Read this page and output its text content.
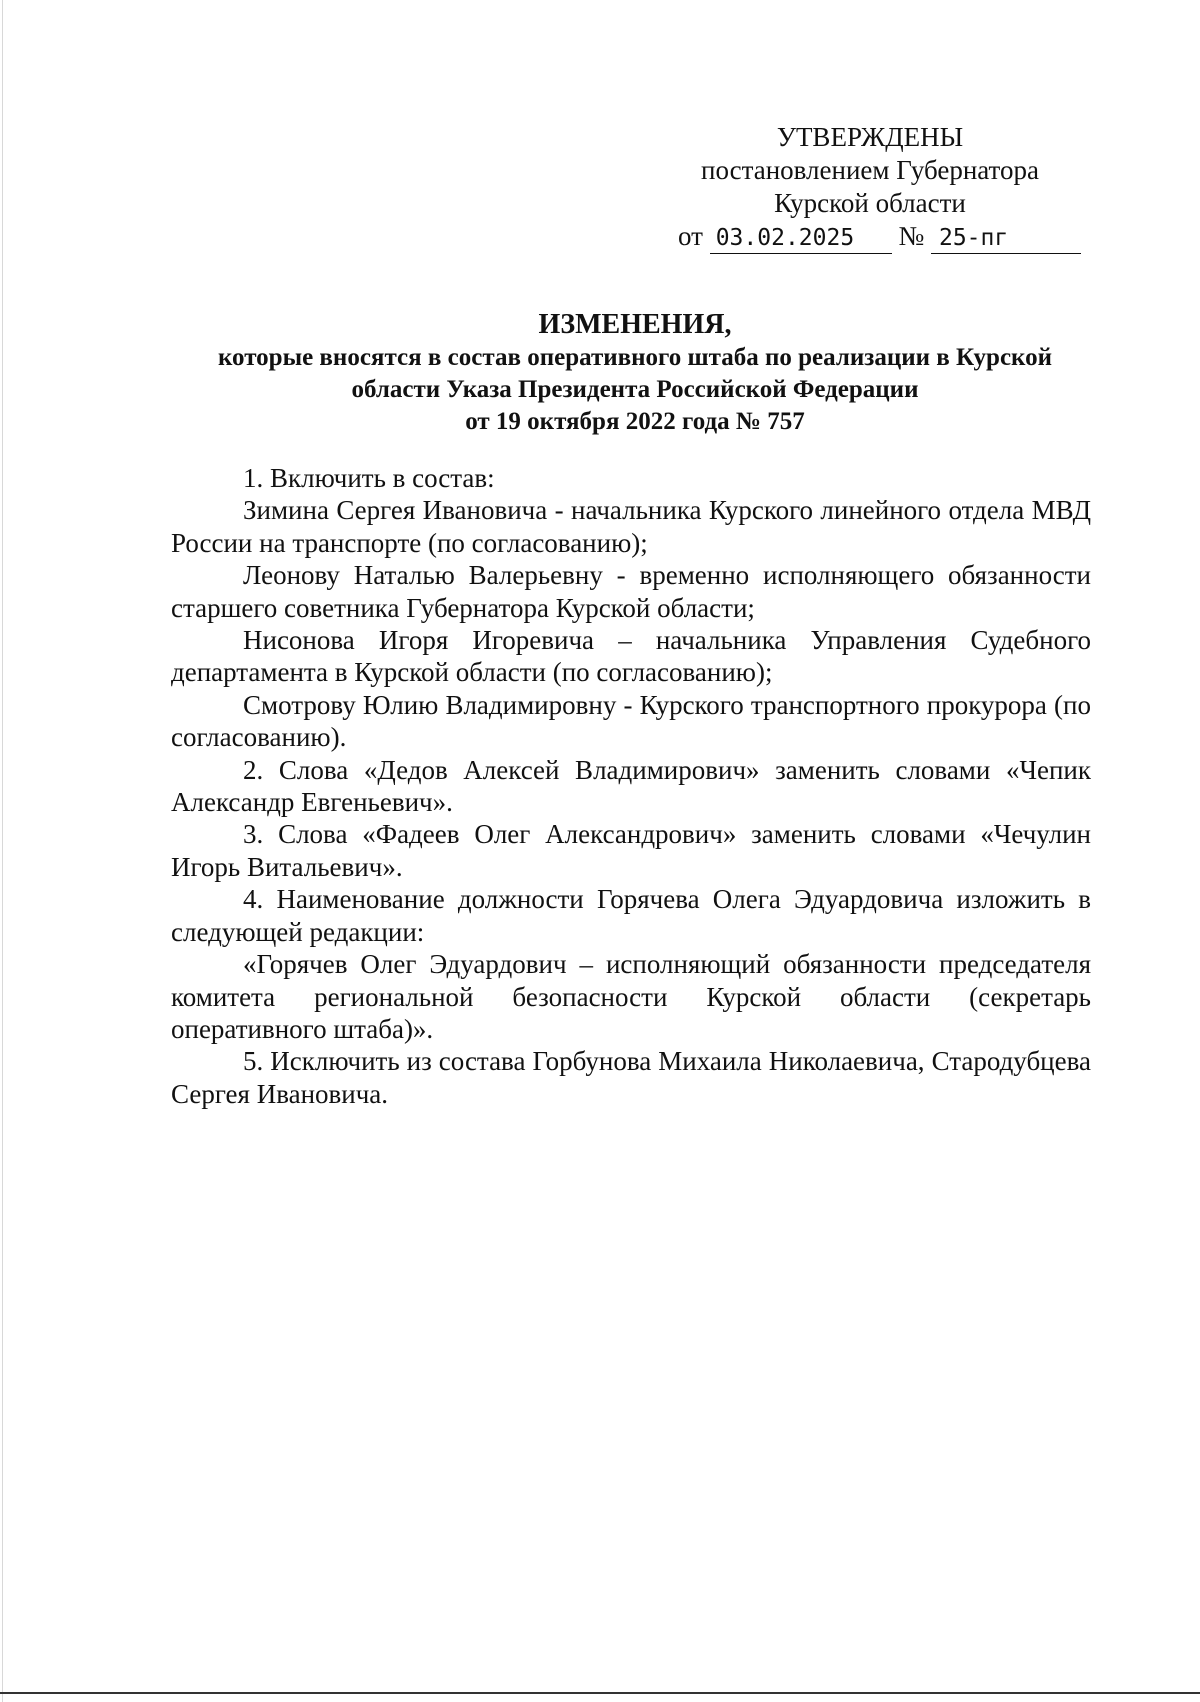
УТВЕРЖДЕНЫ
постановлением Губернатора
Курской области
от 03.02.2025 № 25-пг
ИЗМЕНЕНИЯ,
которые вносятся в состав оперативного штаба по реализации в Курской
области Указа Президента Российской Федерации
от 19 октября 2022 года № 757

1. Включить в состав:

Зимина Сергея Ивановича - начальника Курского линейного отдела МВД России на транспорте (по согласованию);

Леонову Наталью Валерьевну - временно исполняющего обязанности старшего советника Губернатора Курской области;

Нисонова Игоря Игоревича – начальника Управления Судебного департамента в Курской области (по согласованию);

Смотрову Юлию Владимировну - Курского транспортного прокурора (по согласованию).

2. Слова «Дедов Алексей Владимирович» заменить словами «Чепик Александр Евгеньевич».

3. Слова «Фадеев Олег Александрович» заменить словами «Чечулин Игорь Витальевич».

4. Наименование должности Горячева Олега Эдуардовича изложить в следующей редакции:

«Горячев Олег Эдуардович – исполняющий обязанности председателя комитета региональной безопасности Курской области (секретарь оперативного штаба)».

5. Исключить из состава Горбунова Михаила Николаевича, Стародубцева Сергея Ивановича.
